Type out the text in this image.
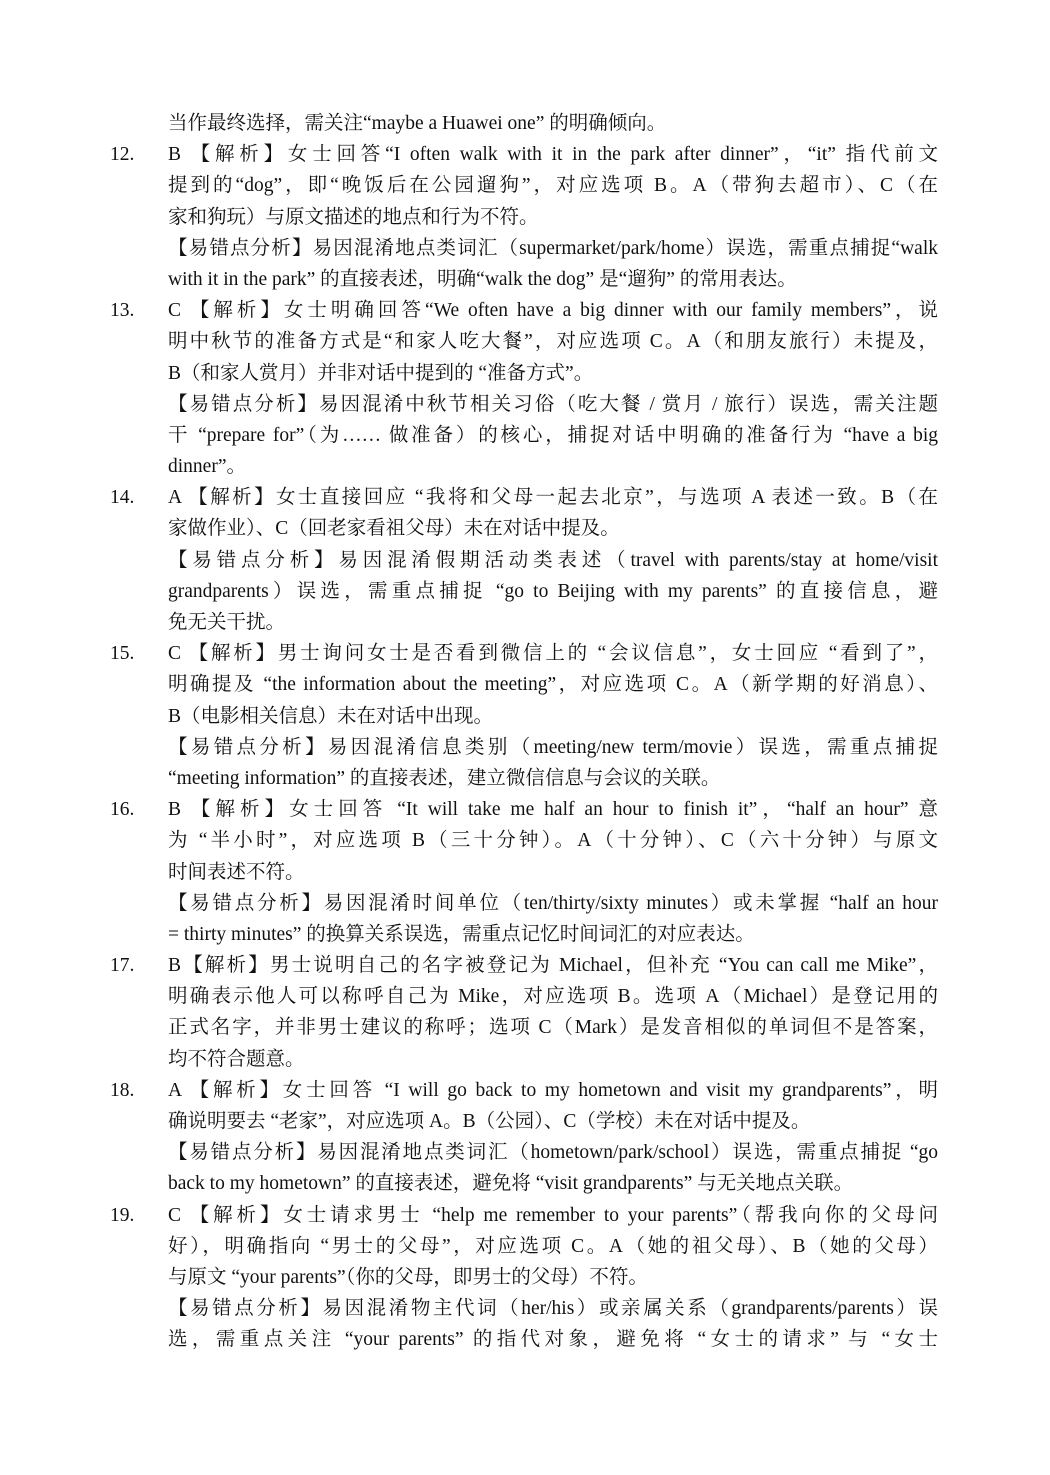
当作最终选择，需关注“maybe a Huawei one” 的明确倾向。
12.	B 【解析】女士回答“I often walk with it in the park after dinner”，“it” 指代前文
提到的“dog”，即“晚饭后在公园遛狗”，对应选项 B。A（带狗去超市）、C（在
家和狗玩）与原文描述的地点和行为不符。
【易错点分析】易因混淆地点类词汇（supermarket/park/home）误选，需重点捕捉“walk
with it in the park” 的直接表述，明确“walk the dog” 是“遛狗” 的常用表达。
13.	C 【解析】女士明确回答“We often have a big dinner with our family members”，说
明中秋节的准备方式是“和家人吃大餐”，对应选项 C。A（和朋友旅行）未提及，
B（和家人赏月）并非对话中提到的 “准备方式”。
【易错点分析】易因混淆中秋节相关习俗（吃大餐 / 赏月 / 旅行）误选，需关注题
干 “prepare for”（为…… 做准备）的核心，捕捉对话中明确的准备行为 “have a big
dinner”。
14.	A 【解析】女士直接回应 “我将和父母一起去北京”，与选项 A 表述一致。B（在
家做作业）、C（回老家看祖父母）未在对话中提及。
【易错点分析】易因混淆假期活动类表述（travel with parents/stay at home/visit
grandparents）误选，需重点捕捉 “go to Beijing with my parents” 的直接信息，避
免无关干扰。
15.	C 【解析】男士询问女士是否看到微信上的 “会议信息”，女士回应 “看到了”，
明确提及 “the information about the meeting”，对应选项 C。A（新学期的好消息）、
B（电影相关信息）未在对话中出现。
【易错点分析】易因混淆信息类别（meeting/new term/movie）误选，需重点捕捉
“meeting information” 的直接表述，建立微信信息与会议的关联。
16.	B 【解析】女士回答 “It will take me half an hour to finish it”，“half an hour” 意
为 “半小时”，对应选项 B（三十分钟）。A（十分钟）、C（六十分钟）与原文
时间表述不符。
【易错点分析】易因混淆时间单位（ten/thirty/sixty minutes）或未掌握 “half an hour
= thirty minutes” 的换算关系误选，需重点记忆时间词汇的对应表达。
17.	B【解析】男士说明自己的名字被登记为 Michael，但补充 “You can call me Mike”，
明确表示他人可以称呼自己为 Mike，对应选项 B。选项 A（Michael）是登记用的
正式名字，并非男士建议的称呼；选项 C（Mark）是发音相似的单词但不是答案，
均不符合题意。
18.	A 【解析】女士回答 “I will go back to my hometown and visit my grandparents”，明
确说明要去 “老家”，对应选项 A。B（公园）、C（学校）未在对话中提及。
【易错点分析】易因混淆地点类词汇（hometown/park/school）误选，需重点捕捉 “go
back to my hometown” 的直接表述，避免将 “visit grandparents” 与无关地点关联。
19.	C 【解析】女士请求男士 “help me remember to your parents”（帮我向你的父母问
好），明确指向 “男士的父母”，对应选项 C。A（她的祖父母）、B（她的父母）
与原文 “your parents”（你的父母，即男士的父母）不符。
【易错点分析】易因混淆物主代词（her/his）或亲属关系（grandparents/parents）误
选，需重点关注 “your parents” 的指代对象，避免将 “女士的请求” 与 “女士
